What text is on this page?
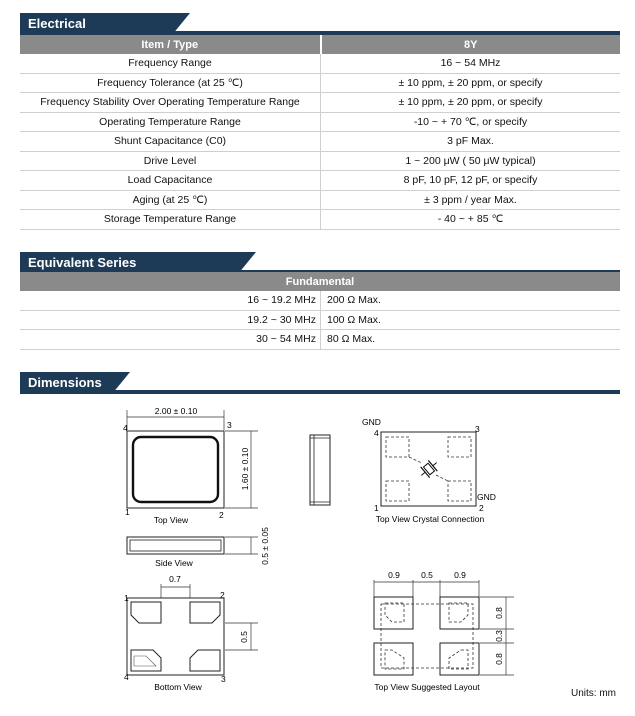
Electrical
Item / Type	8Y
Frequency Range	16 ~ 54 MHz
Frequency Tolerance (at 25 ℃)	± 10 ppm, ± 20 ppm, or specify
Frequency Stability Over Operating Temperature Range	± 10 ppm, ± 20 ppm, or specify
Operating Temperature Range	-10 ~ + 70 ℃, or specify
Shunt Capacitance (C0)	3 pF Max.
Drive Level	1 ~ 200 μW ( 50 μW typical)
Load Capacitance	8 pF, 10 pF, 12 pF, or specify
Aging (at 25 ℃)	± 3 ppm / year Max.
Storage Temperature Range	- 40 ~ + 85 ℃
Equivalent Series
Fundamental	
16 ~ 19.2 MHz	200 Ω Max.
19.2 ~ 30 MHz	100 Ω Max.
30 ~ 54 MHz	80 Ω Max.
Dimensions
2.00 ± 0.10
1.60 ± 0.10
4	3
1	2
Top View
0.5 ± 0.05
Side View
0.7
0.5
1	2
4	3
Bottom View
GND
4	3
GND
1	2
Top View Crystal Connection
0.9 0.5 0.9
0.8
0.3
0.8
Top View Suggested Layout
Units: mm
